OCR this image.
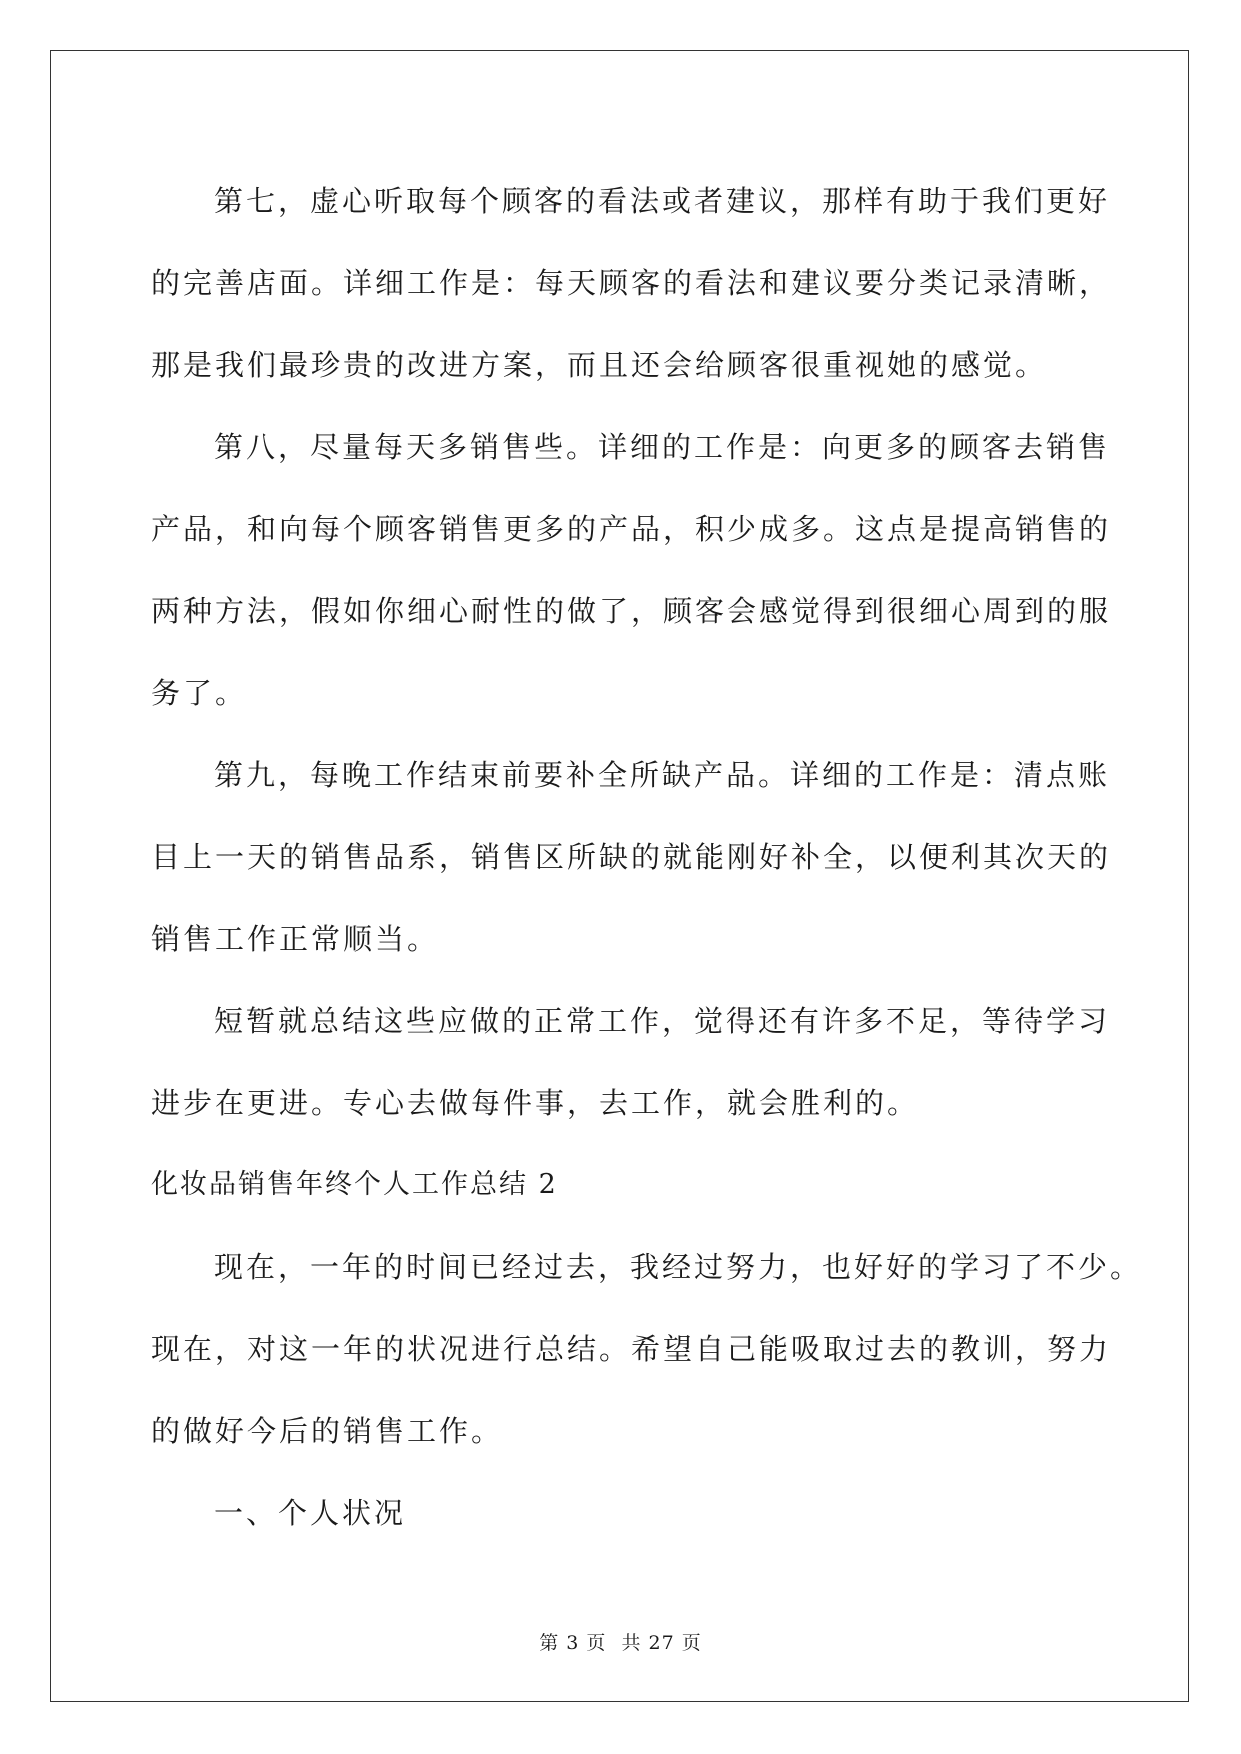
第七，虚心听取每个顾客的看法或者建议，那样有助于我们更好
的完善店面。详细工作是：每天顾客的看法和建议要分类记录清晰，
那是我们最珍贵的改进方案，而且还会给顾客很重视她的感觉。
第八，尽量每天多销售些。详细的工作是：向更多的顾客去销售
产品，和向每个顾客销售更多的产品，积少成多。这点是提高销售的
两种方法，假如你细心耐性的做了，顾客会感觉得到很细心周到的服
务了。
第九，每晚工作结束前要补全所缺产品。详细的工作是：清点账
目上一天的销售品系，销售区所缺的就能刚好补全，以便利其次天的
销售工作正常顺当。
短暂就总结这些应做的正常工作，觉得还有许多不足，等待学习
进步在更进。专心去做每件事，去工作，就会胜利的。
化妆品销售年终个人工作总结 2
现在，一年的时间已经过去，我经过努力，也好好的学习了不少。
现在，对这一年的状况进行总结。希望自己能吸取过去的教训，努力
的做好今后的销售工作。
一、个人状况
第 3 页 共 27 页
